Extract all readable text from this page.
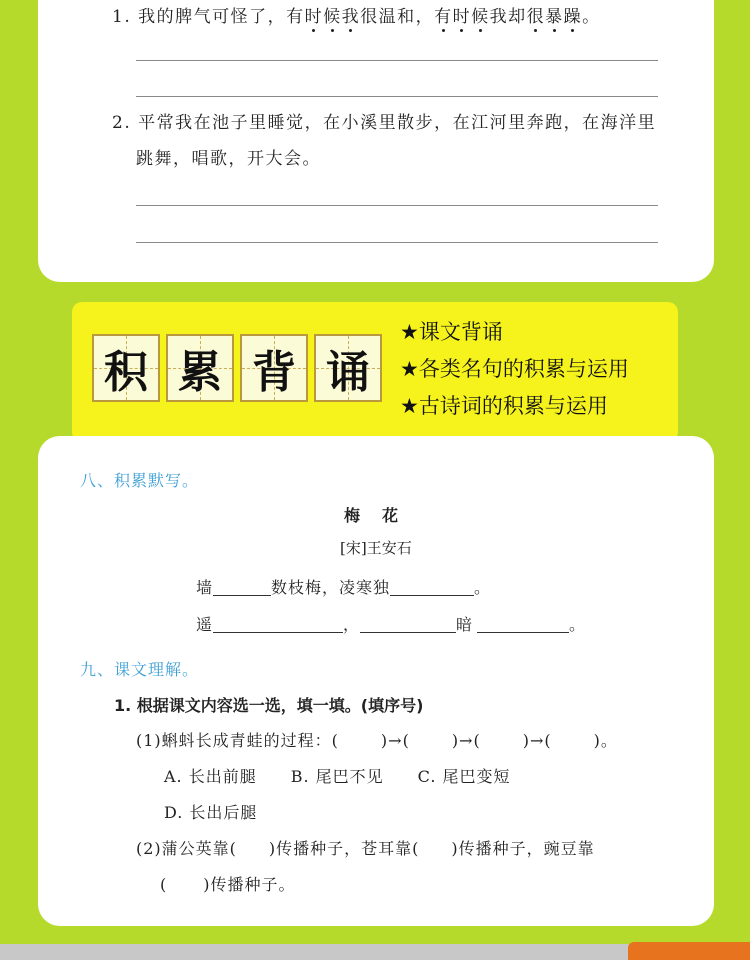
1. 我的脾气可怪了，有时候我很温和，有时候我却很暴躁。
2. 平常我在池子里睡觉，在小溪里散步，在江河里奔跑，在海洋里
跳舞，唱歌，开大会。
积 累 背 诵
★课文背诵
★各类名句的积累与运用
★古诗词的积累与运用
八、积累默写。
梅花
[宋]王安石
墙	数枝梅，凌寒独	。
遥	，	暗	。
九、课文理解。
1. 根据课文内容选一选，填一填。(填序号)
(1)蝌蚪长成青蛙的过程：(	)→(	)→(	)→(	)。
A. 长出前腿 B. 尾巴不见 C. 尾巴变短
D. 长出后腿
(2)蒲公英靠( )传播种子，苍耳靠( )传播种子，豌豆靠
( )传播种子。
